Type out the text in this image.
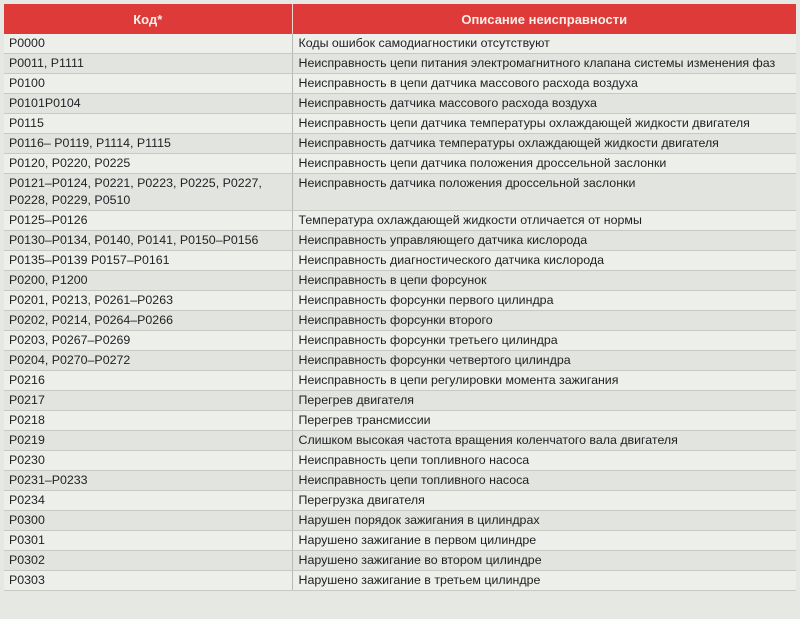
Код*	Описание неисправности
P0000	Коды ошибок самодиагностики отсутствуют
P0011, P1111	Неисправность цепи питания электромагнитного клапана системы изменения фаз
P0100	Неисправность в цепи датчика массового расхода воздуха
P0101P0104	Неисправность датчика массового расхода воздуха
P0115	Неисправность цепи датчика температуры охлаждающей жидкости двигателя
P0116– P0119, P1114, P1115	Неисправность датчика температуры охлаждающей жидкости двигателя
P0120, P0220, P0225	Неисправность цепи датчика положения дроссельной заслонки
P0121–P0124, P0221, P0223, P0225, P0227, P0228, P0229, P0510	Неисправность датчика положения дроссельной заслонки
P0125–P0126	Температура охлаждающей жидкости отличается от нормы
P0130–P0134, P0140, P0141, P0150–P0156	Неисправность управляющего датчика кислорода
P0135–P0139 P0157–P0161	Неисправность диагностического датчика кислорода
P0200, P1200	Неисправность в цепи форсунок
P0201, P0213, P0261–P0263	Неисправность форсунки первого цилиндра
P0202, P0214, P0264–P0266	Неисправность форсунки второго
P0203, P0267–P0269	Неисправность форсунки третьего цилиндра
P0204, P0270–P0272	Неисправность форсунки четвертого цилиндра
P0216	Неисправность в цепи регулировки момента зажигания
P0217	Перегрев двигателя
P0218	Перегрев трансмиссии
P0219	Слишком высокая частота вращения коленчатого вала двигателя
P0230	Неисправность цепи топливного насоса
P0231–P0233	Неисправность цепи топливного насоса
P0234	Перегрузка двигателя
P0300	Нарушен порядок зажигания в цилиндрах
P0301	Нарушено зажигание в первом цилиндре
P0302	Нарушено зажигание во втором цилиндре
P0303	Нарушено зажигание в третьем цилиндре
